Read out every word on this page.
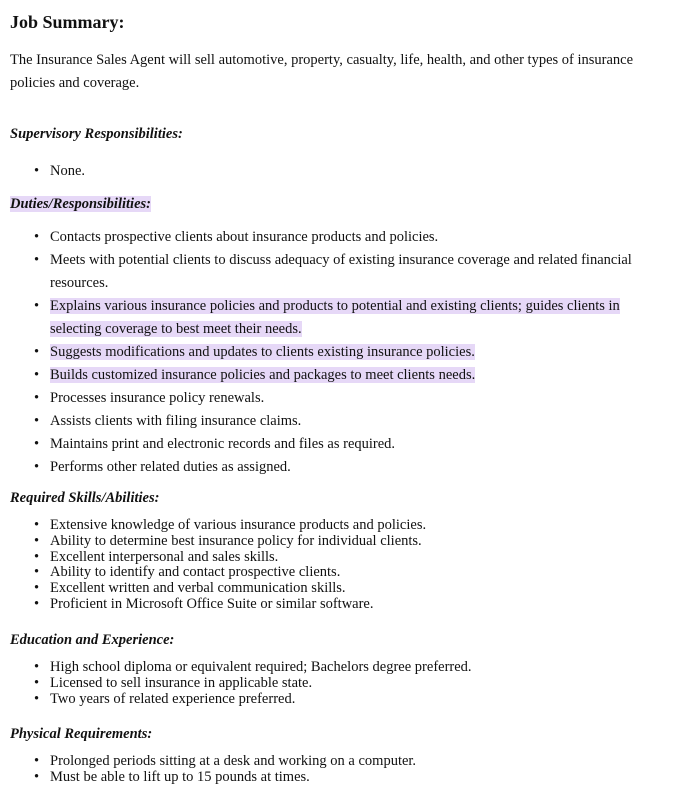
Job Summary:

The Insurance Sales Agent will sell automotive, property, casualty, life, health, and other types of insurance policies and coverage.

Supervisory Responsibilities:
• None.
Duties/Responsibilities:
• Contacts prospective clients about insurance products and policies.
• Meets with potential clients to discuss adequacy of existing insurance coverage and related financial resources.
• Explains various insurance policies and products to potential and existing clients; guides clients in selecting coverage to best meet their needs.
• Suggests modifications and updates to clients existing insurance policies.
• Builds customized insurance policies and packages to meet clients needs.
• Processes insurance policy renewals.
• Assists clients with filing insurance claims.
• Maintains print and electronic records and files as required.
• Performs other related duties as assigned.
Required Skills/Abilities:
• Extensive knowledge of various insurance products and policies.
• Ability to determine best insurance policy for individual clients.
• Excellent interpersonal and sales skills.
• Ability to identify and contact prospective clients.
• Excellent written and verbal communication skills.
• Proficient in Microsoft Office Suite or similar software.
Education and Experience:
• High school diploma or equivalent required; Bachelors degree preferred.
• Licensed to sell insurance in applicable state.
• Two years of related experience preferred.
Physical Requirements:
• Prolonged periods sitting at a desk and working on a computer.
• Must be able to lift up to 15 pounds at times.
